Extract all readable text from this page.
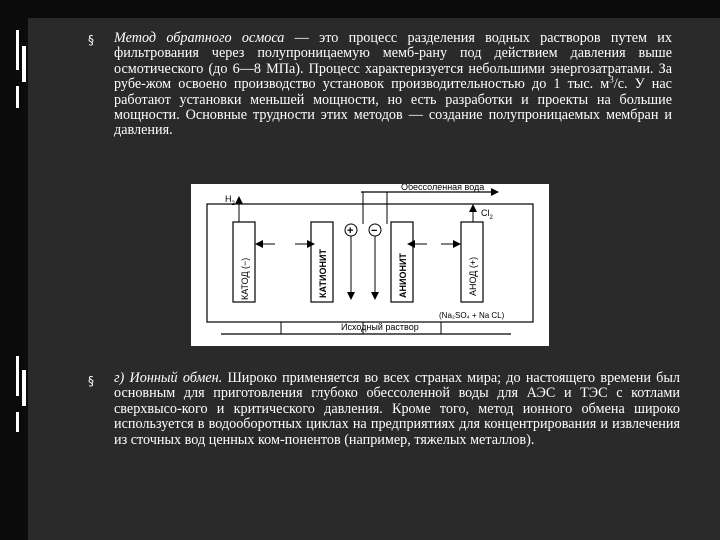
§ Метод обратного осмоса — это процесс разделения водных растворов путем их фильтрования через полупроницаемую мемб-рану под действием давления выше осмотического (до 6—8 МПа). Процесс характеризуется небольшими энергозатратами. За рубе-жом освоено производство установок производительностью до 1 тыс. $м^3/с$. У нас работают установки меньшей мощности, но есть разработки и проекты на большие мощности. Основные трудности этих методов — создание полупроницаемых мембран и давления.
Обессоленная вода
$H_2$
$Cl_2$
КАТОД (−)	КАТИОНИТ	АНИОНИТ	АНОД (+)
+ −
Исходный раствор
(Na₂SO₄ + Na CL)
§ г) Ионный обмен. Широко применяется во всех странах мира; до настоящего времени был основным для приготовления глубоко обессоленной воды для АЭС и ТЭС с котлами сверхвысо-кого и критического давления. Кроме того, метод ионного обмена широко используется в водооборотных циклах на предприятиях для концентрирования и извлечения из сточных вод ценных ком-понентов (например, тяжелых металлов).
